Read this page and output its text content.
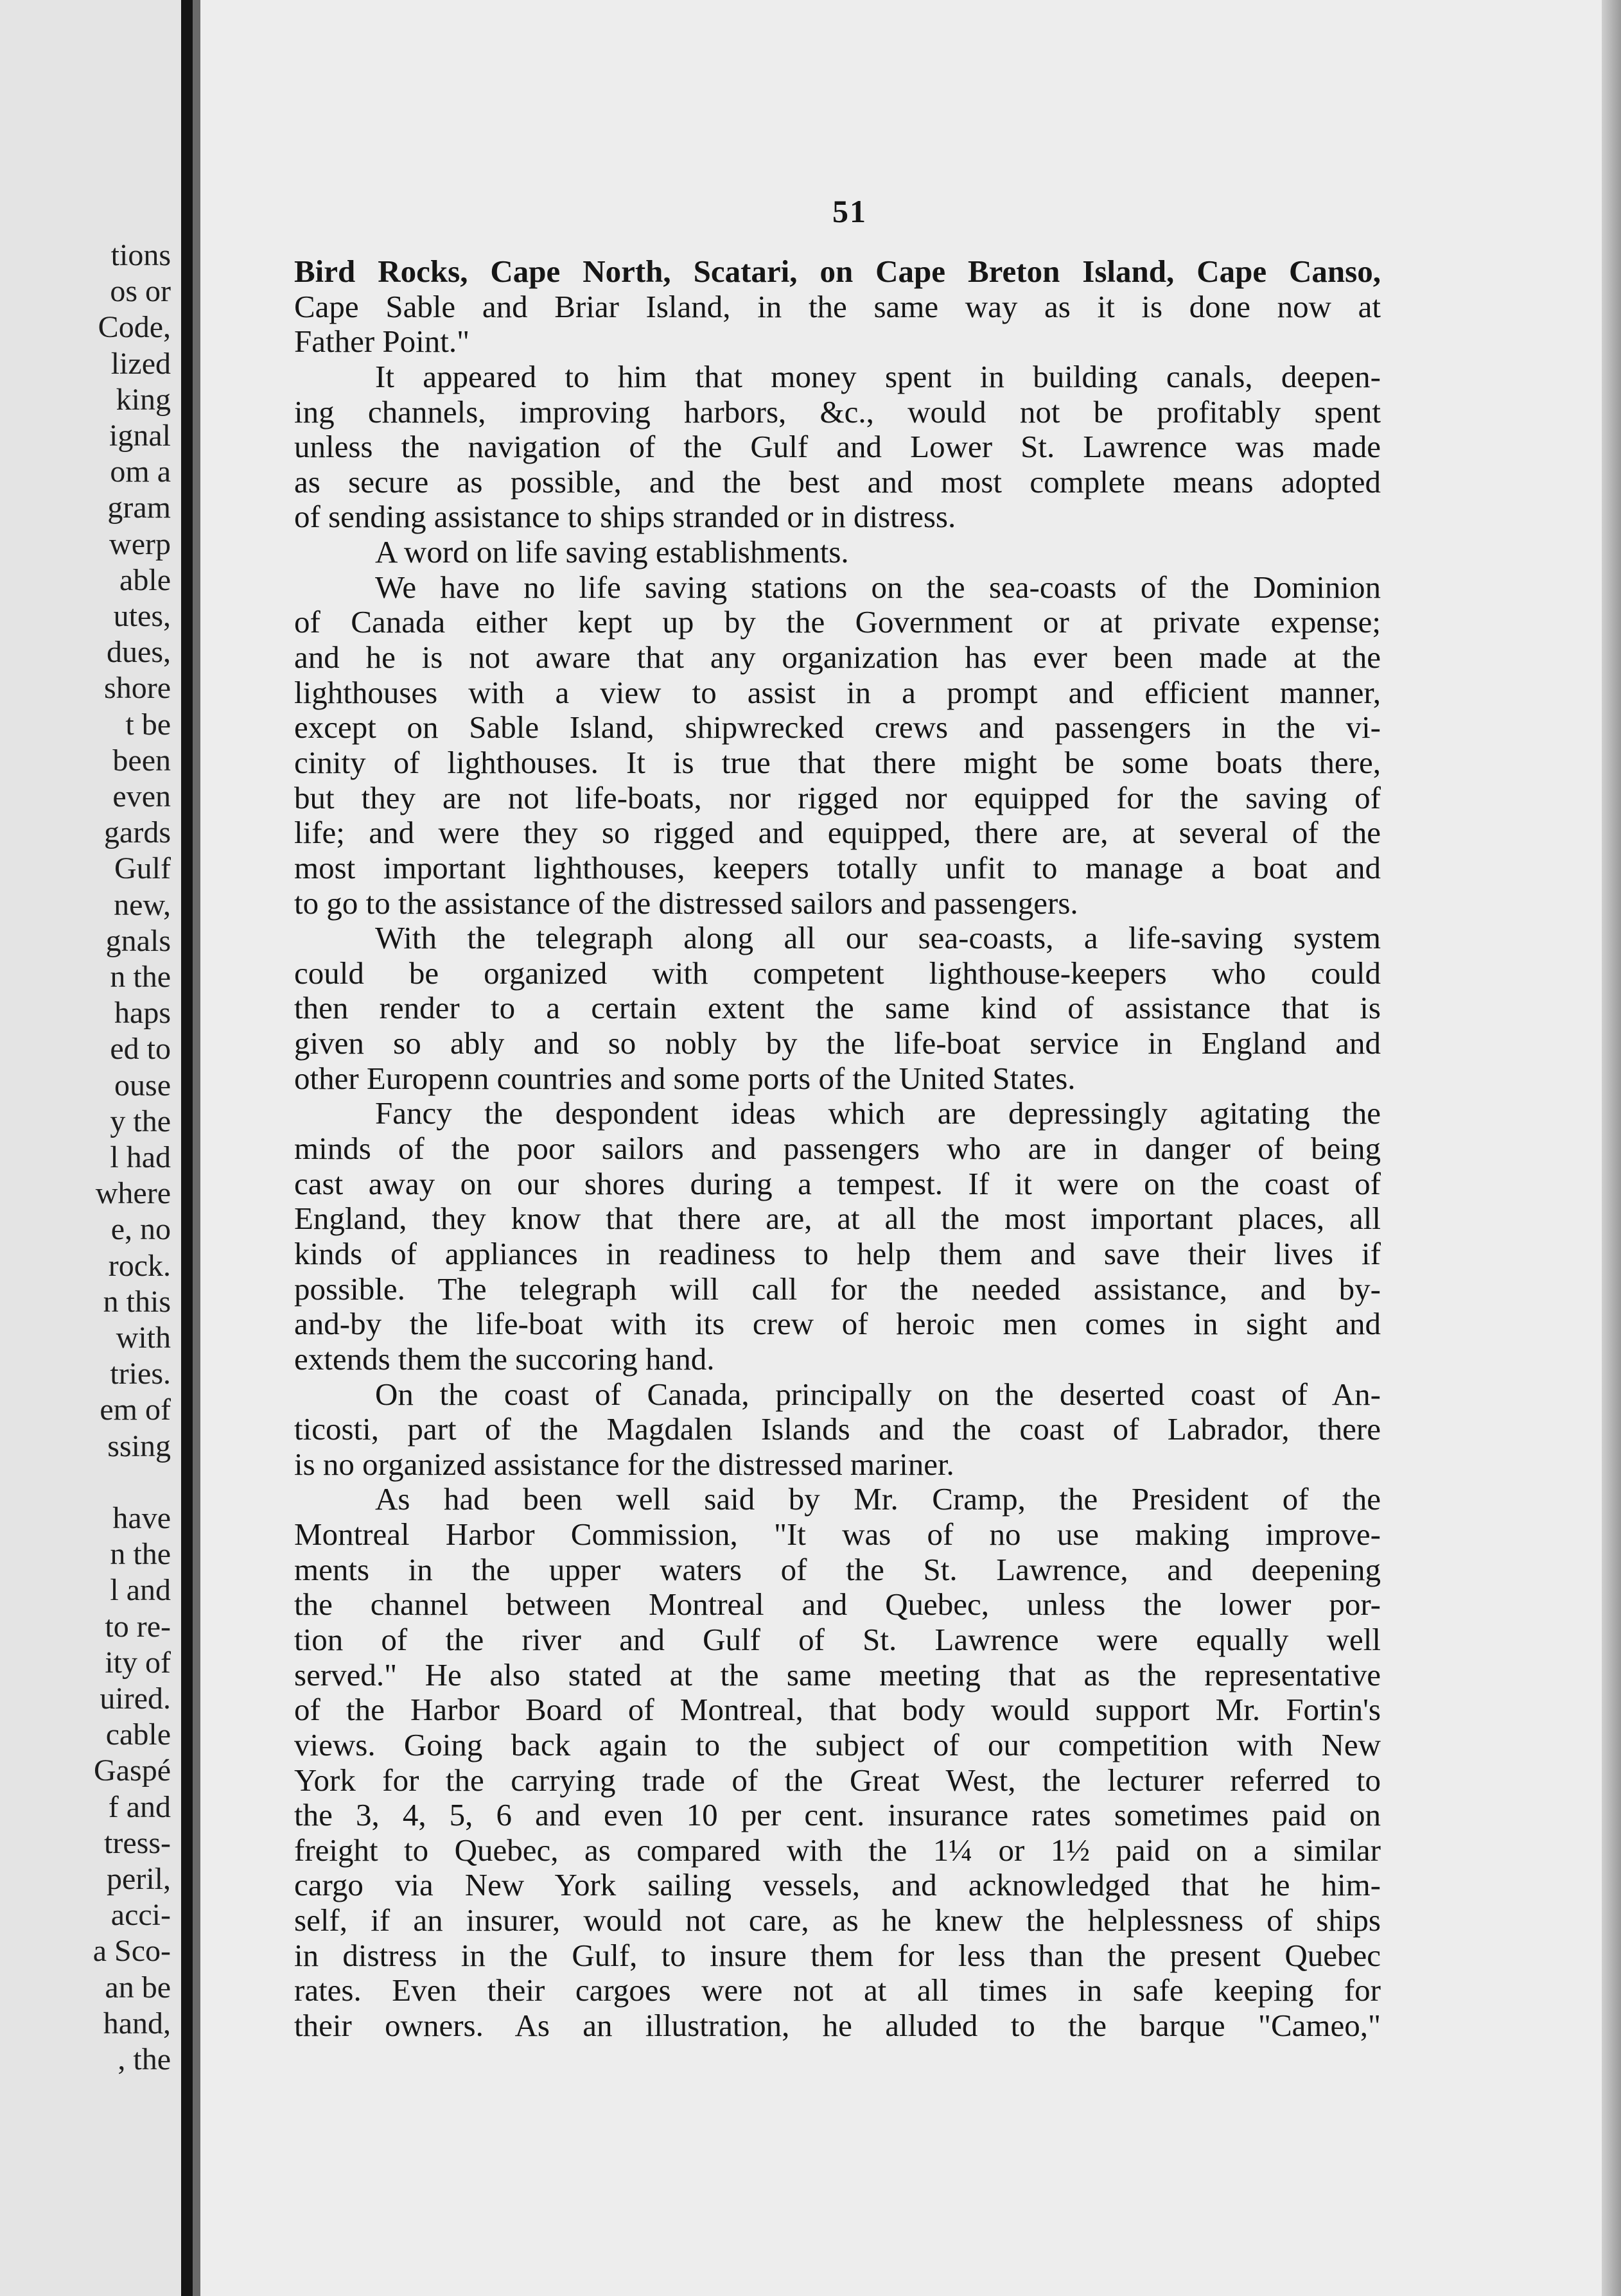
tions
os or
Code,
lized
king
ignal
om a
gram
werp
able
utes,
dues,
shore
t be
been
even
gards
Gulf
new,
gnals
n the
haps
ed to
ouse
y the
l had
where
e, no
rock.
n this
with
tries.
em of
ssing
have
n the
l and
to re-
ity of
uired.
cable
Gaspé
f and
tress-
peril,
acci-
a Sco-
an be
hand,
, the
51
Bird Rocks, Cape North, Scatari, on Cape Breton Island, Cape Canso,
Cape Sable and Briar Island, in the same way as it is done now at
Father Point."
It appeared to him that money spent in building canals, deepen-
ing channels, improving harbors, &c., would not be profitably spent
unless the navigation of the Gulf and Lower St. Lawrence was made
as secure as possible, and the best and most complete means adopted
of sending assistance to ships stranded or in distress.
A word on life saving establishments.
We have no life saving stations on the sea-coasts of the Dominion
of Canada either kept up by the Government or at private expense;
and he is not aware that any organization has ever been made at the
lighthouses with a view to assist in a prompt and efficient manner,
except on Sable Island, shipwrecked crews and passengers in the vi-
cinity of lighthouses. It is true that there might be some boats there,
but they are not life-boats, nor rigged nor equipped for the saving of
life; and were they so rigged and equipped, there are, at several of the
most important lighthouses, keepers totally unfit to manage a boat and
to go to the assistance of the distressed sailors and passengers.
With the telegraph along all our sea-coasts, a life-saving system
could be organized with competent lighthouse-keepers who could
then render to a certain extent the same kind of assistance that is
given so ably and so nobly by the life-boat service in England and
other Europenn countries and some ports of the United States.
Fancy the despondent ideas which are depressingly agitating the
minds of the poor sailors and passengers who are in danger of being
cast away on our shores during a tempest. If it were on the coast of
England, they know that there are, at all the most important places, all
kinds of appliances in readiness to help them and save their lives if
possible. The telegraph will call for the needed assistance, and by-
and-by the life-boat with its crew of heroic men comes in sight and
extends them the succoring hand.
On the coast of Canada, principally on the deserted coast of An-
ticosti, part of the Magdalen Islands and the coast of Labrador, there
is no organized assistance for the distressed mariner.
As had been well said by Mr. Cramp, the President of the
Montreal Harbor Commission, "It was of no use making improve-
ments in the upper waters of the St. Lawrence, and deepening
the channel between Montreal and Quebec, unless the lower por-
tion of the river and Gulf of St. Lawrence were equally well
served." He also stated at the same meeting that as the representative
of the Harbor Board of Montreal, that body would support Mr. Fortin's
views. Going back again to the subject of our competition with New
York for the carrying trade of the Great West, the lecturer referred to
the 3, 4, 5, 6 and even 10 per cent. insurance rates sometimes paid on
freight to Quebec, as compared with the 1¼ or 1½ paid on a similar
cargo via New York sailing vessels, and acknowledged that he him-
self, if an insurer, would not care, as he knew the helplessness of ships
in distress in the Gulf, to insure them for less than the present Quebec
rates. Even their cargoes were not at all times in safe keeping for
their owners. As an illustration, he alluded to the barque "Cameo,"
